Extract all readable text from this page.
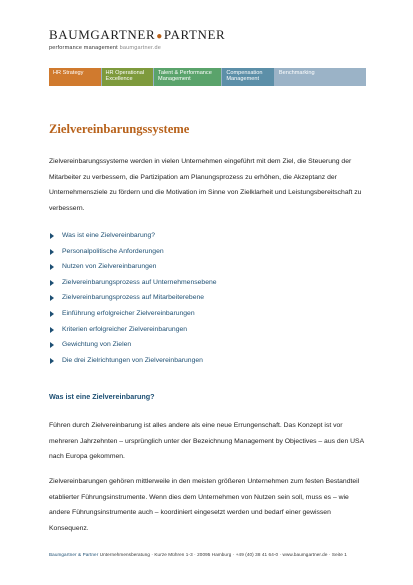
BAUMGARTNER●PARTNER
performance management baumgartner.de
HR Strategy	HR Operational
Excellence
Talent & Performance
Management
Compensation
Management
Benchmarking
Zielvereinbarungssysteme

Zielvereinbarungssysteme werden in vielen Unternehmen eingeführt mit dem Ziel, die Steuerung der Mitarbeiter zu verbessern, die Partizipation am Planungsprozess zu erhöhen, die Akzeptanz der Unternehmensziele zu fördern und die Motivation im Sinne von Zielklarheit und Leistungsbereitschaft zu verbessern.

Was ist eine Zielvereinbarung?
Personalpolitische Anforderungen
Nutzen von Zielvereinbarungen
Zielvereinbarungsprozess auf Unternehmensebene
Zielvereinbarungsprozess auf Mitarbeiterebene
Einführung erfolgreicher Zielvereinbarungen
Kriterien erfolgreicher Zielvereinbarungen
Gewichtung von Zielen
Die drei Zielrichtungen von Zielvereinbarungen
Was ist eine Zielvereinbarung?

Führen durch Zielvereinbarung ist alles andere als eine neue Errungenschaft. Das Konzept ist vor mehreren Jahrzehnten – ursprünglich unter der Bezeichnung Management by Objectives – aus den USA nach Europa gekommen.

Zielvereinbarungen gehören mittlerweile in den meisten größeren Unternehmen zum festen Bestandteil etablierter Führungsinstrumente. Wenn dies dem Unternehmen von Nutzen sein soll, muss es – wie andere Führungsinstrumente auch – koordiniert eingesetzt werden und bedarf einer gewissen Konsequenz.

Baumgartner & Partner Unternehmensberatung · Kurze Mühren 1-3 · 20095 Hamburg · +49 (40) 38 41 64-0 · www.baumgartner.de · Seite 1
